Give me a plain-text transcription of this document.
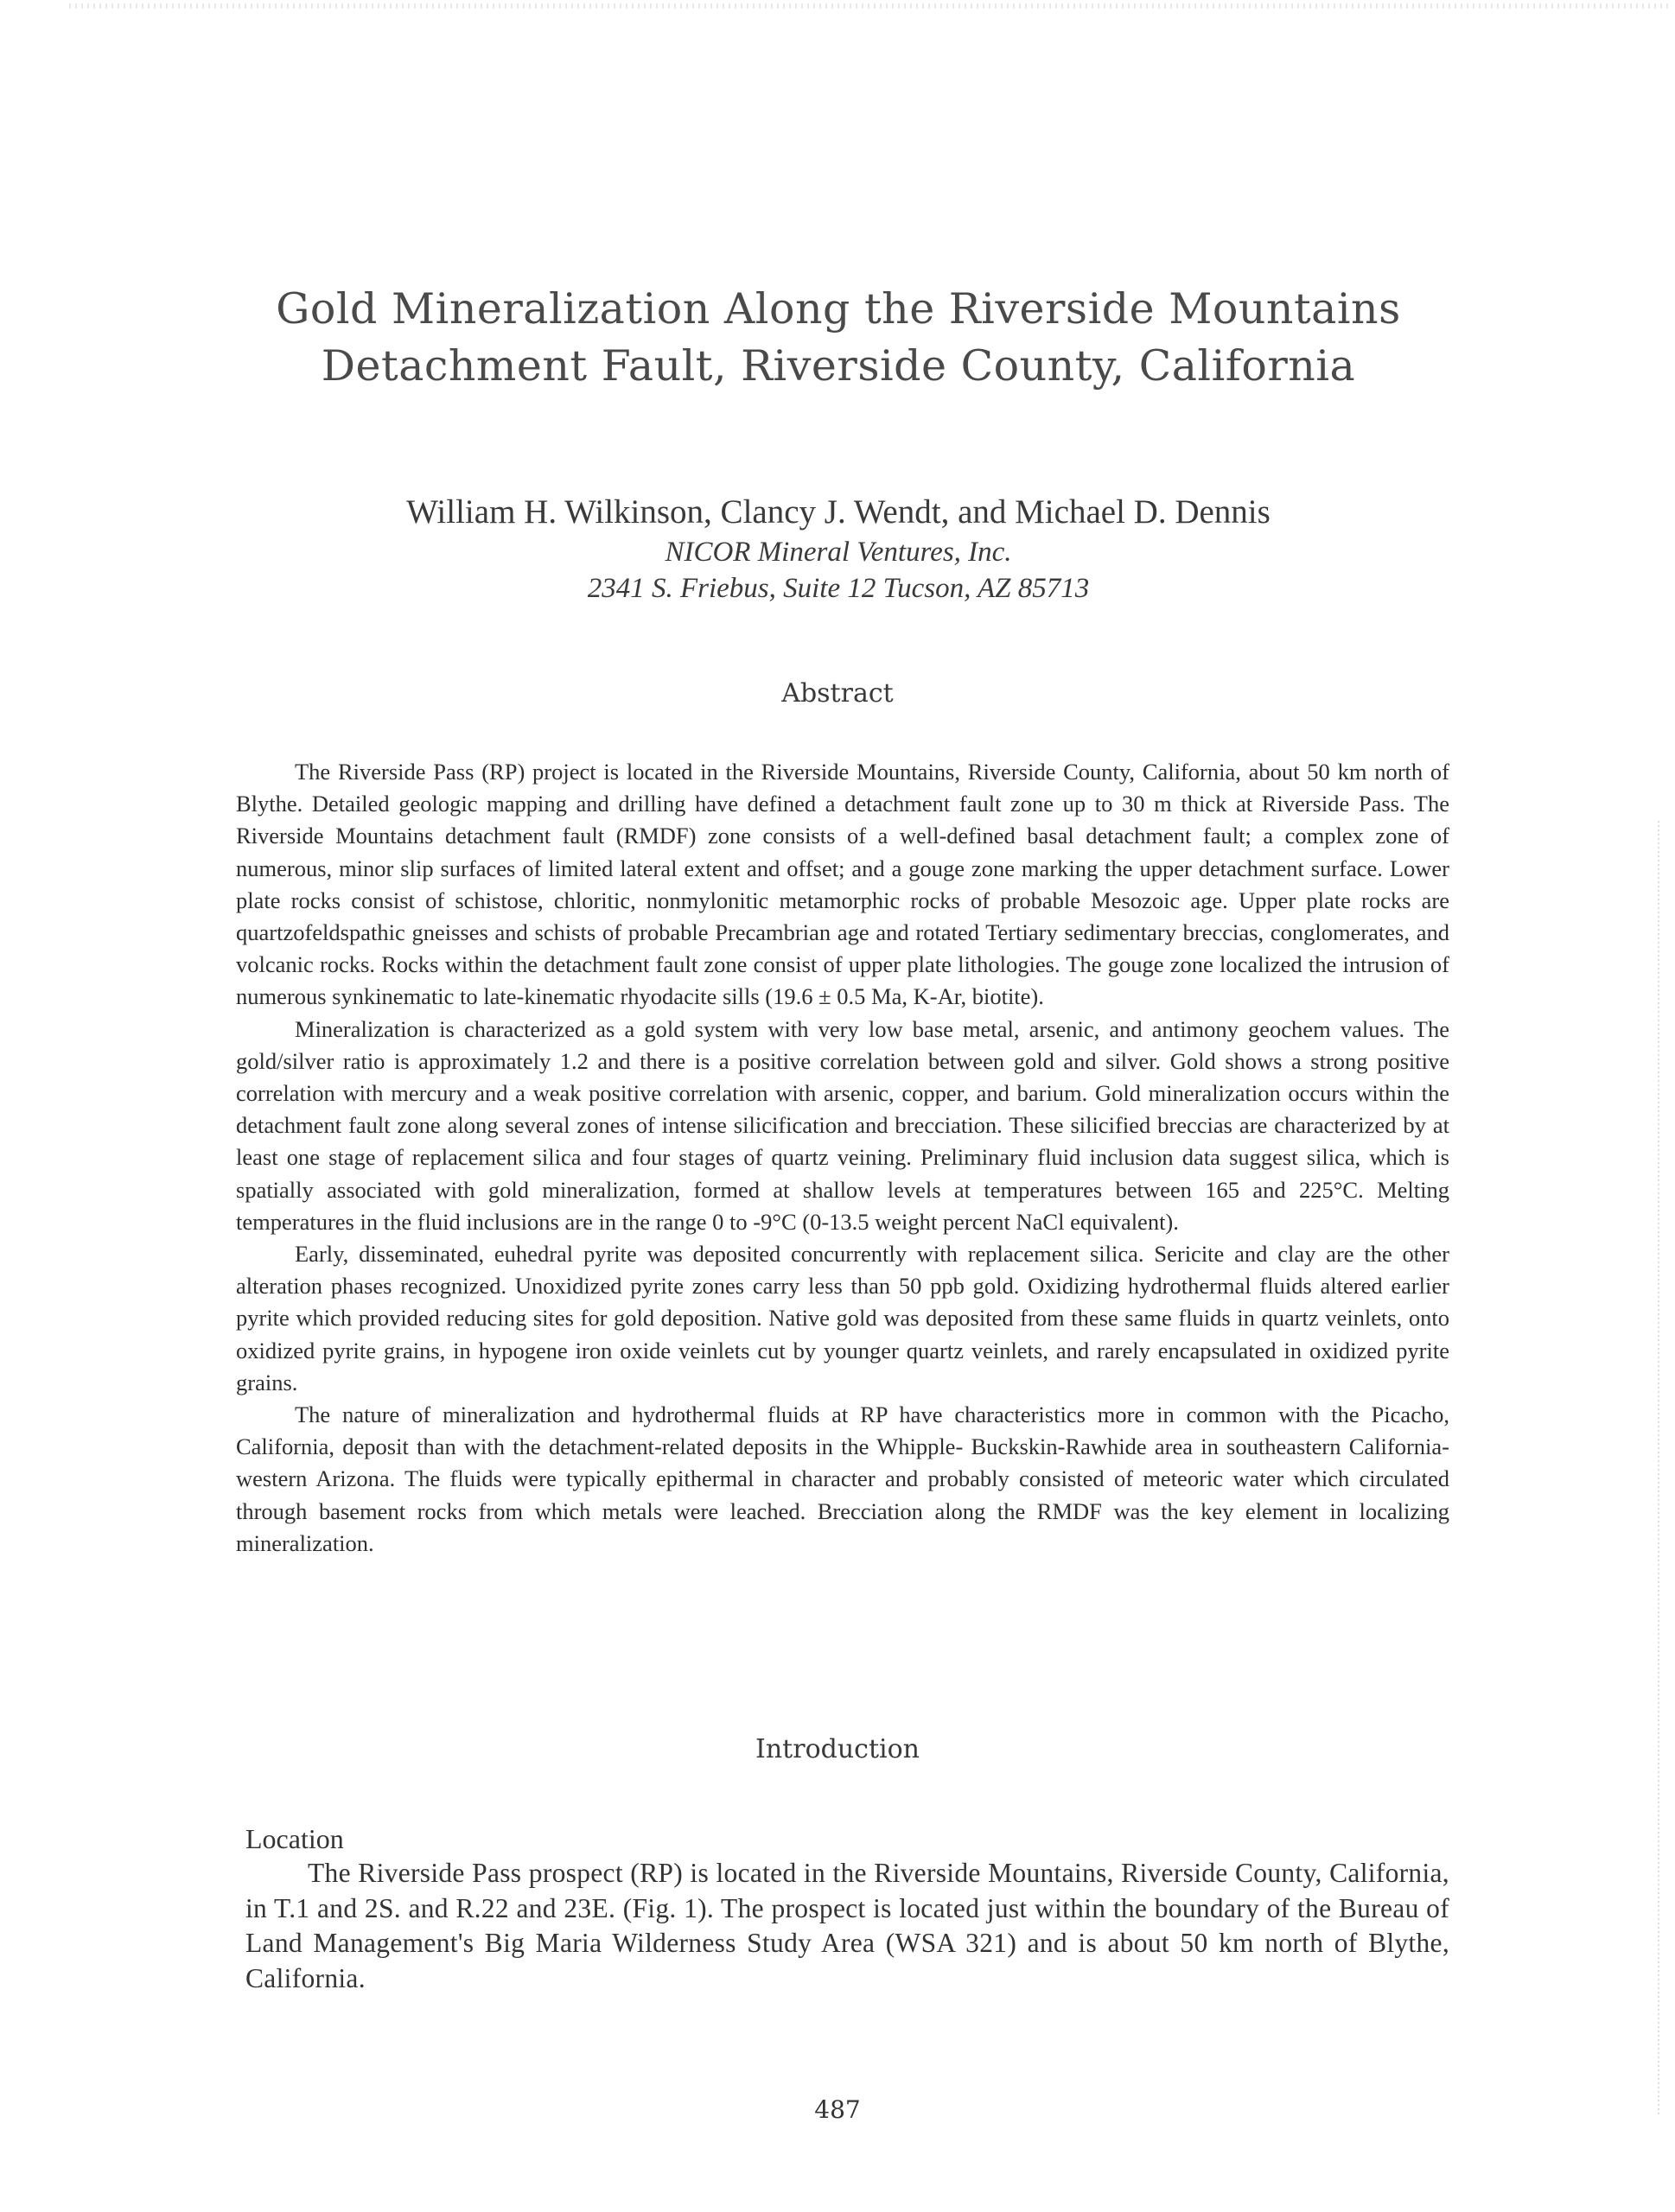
Gold Mineralization Along the Riverside Mountains
Detachment Fault, Riverside County, California
William H. Wilkinson, Clancy J. Wendt, and Michael D. Dennis
NICOR Mineral Ventures, Inc.
2341 S. Friebus, Suite 12 Tucson, AZ 85713
Abstract

The Riverside Pass (RP) project is located in the Riverside Mountains, Riverside County, California, about 50 km north of Blythe. Detailed geologic mapping and drilling have defined a detachment fault zone up to 30 m thick at Riverside Pass. The Riverside Mountains detachment fault (RMDF) zone consists of a well-defined basal detachment fault; a complex zone of numerous, minor slip surfaces of limited lateral extent and offset; and a gouge zone marking the upper detachment surface. Lower plate rocks consist of schistose, chloritic, nonmylonitic metamorphic rocks of probable Mesozoic age. Upper plate rocks are quartzofeldspathic gneisses and schists of probable Precambrian age and rotated Tertiary sedimentary breccias, conglomerates, and volcanic rocks. Rocks within the detachment fault zone consist of upper plate lithologies. The gouge zone localized the intrusion of numerous synkinematic to late-kinematic rhyodacite sills (19.6 ± 0.5 Ma, K-Ar, biotite).

Mineralization is characterized as a gold system with very low base metal, arsenic, and antimony geochem values. The gold/silver ratio is approximately 1.2 and there is a positive correlation between gold and silver. Gold shows a strong positive correlation with mercury and a weak positive correlation with arsenic, copper, and barium. Gold mineralization occurs within the detachment fault zone along several zones of intense silicification and brecciation. These silicified breccias are characterized by at least one stage of replacement silica and four stages of quartz veining. Preliminary fluid inclusion data suggest silica, which is spatially associated with gold mineralization, formed at shallow levels at temperatures between 165 and 225°C. Melting temperatures in the fluid inclusions are in the range 0 to -9°C (0-13.5 weight percent NaCl equivalent).

Early, disseminated, euhedral pyrite was deposited concurrently with replacement silica. Sericite and clay are the other alteration phases recognized. Unoxidized pyrite zones carry less than 50 ppb gold. Oxidizing hydrothermal fluids altered earlier pyrite which provided reducing sites for gold deposition. Native gold was deposited from these same fluids in quartz veinlets, onto oxidized pyrite grains, in hypogene iron oxide veinlets cut by younger quartz veinlets, and rarely encapsulated in oxidized pyrite grains.

The nature of mineralization and hydrothermal fluids at RP have characteristics more in common with the Picacho, California, deposit than with the detachment-related deposits in the Whipple- Buckskin-Rawhide area in southeastern California-western Arizona. The fluids were typically epithermal in character and probably consisted of meteoric water which circulated through basement rocks from which metals were leached. Brecciation along the RMDF was the key element in localizing mineralization.

Introduction
Location

The Riverside Pass prospect (RP) is located in the Riverside Mountains, Riverside County, California, in T.1 and 2S. and R.22 and 23E. (Fig. 1). The prospect is located just within the boundary of the Bureau of Land Management's Big Maria Wilderness Study Area (WSA 321) and is about 50 km north of Blythe, California.

487
